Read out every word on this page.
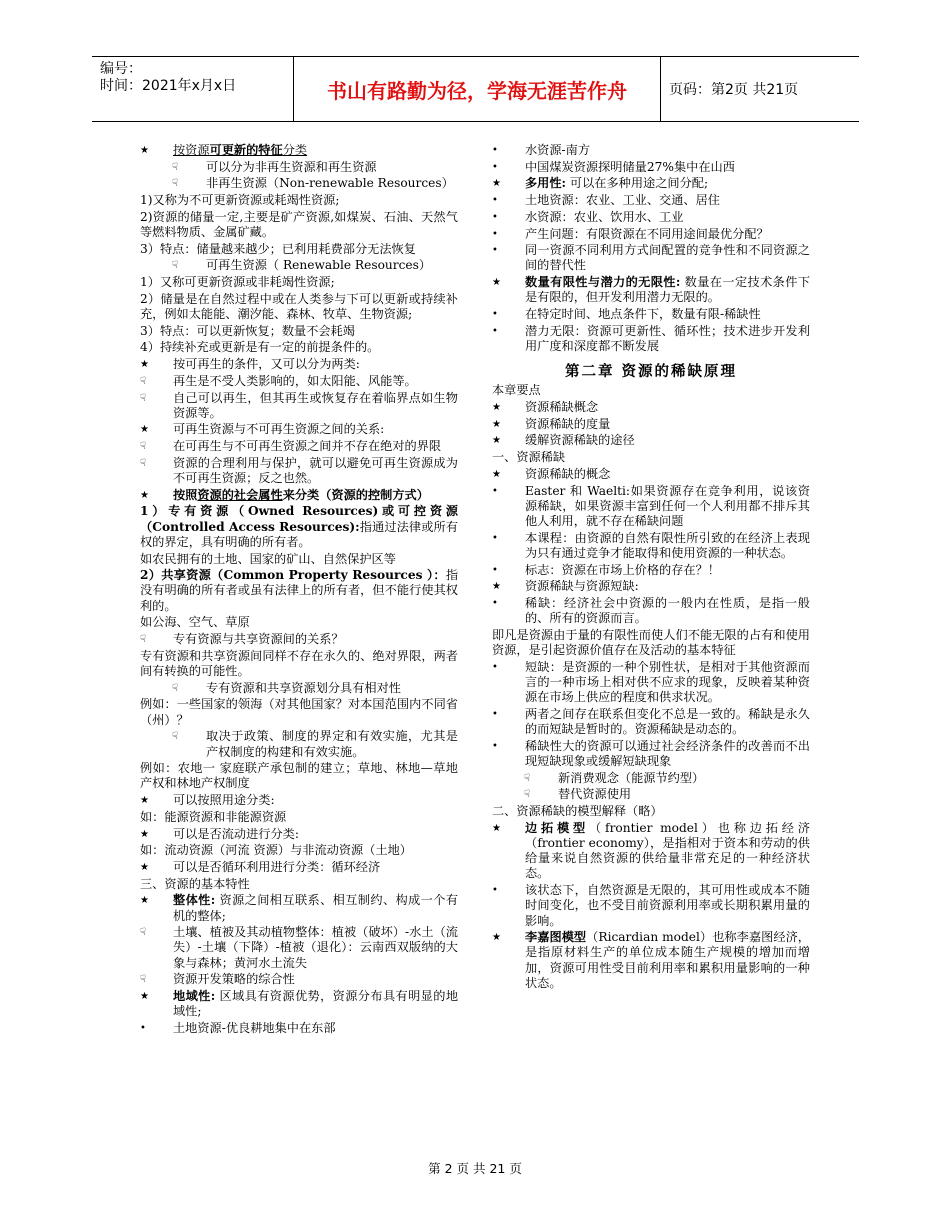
编号：
时间：2021年x月x日	书山有路勤为径，学海无涯苦作舟	页码：第2页 共21页

★ 按资源可更新的特征分类

☟ 可以分为非再生资源和再生资源

☟ 非再生资源（Non-renewable Resources）

1)又称为不可更新资源或耗竭性资源;

2)资源的储量一定,主要是矿产资源,如煤炭、石油、天然气等燃料物质、金属矿藏。

3）特点：储量越来越少；已利用耗费部分无法恢复

☟ 可再生资源（ Renewable Resources）

1）又称可更新资源或非耗竭性资源;

2）储量是在自然过程中或在人类参与下可以更新或持续补充，例如太能能、潮汐能、森林、牧草、生物资源;

3）特点：可以更新恢复；数量不会耗竭

4）持续补充或更新是有一定的前提条件的。

★ 按可再生的条件，又可以分为两类:

☟ 再生是不受人类影响的，如太阳能、风能等。

☟ 自己可以再生，但其再生或恢复存在着临界点如生物资源等。

★ 可再生资源与不可再生资源之间的关系:

☟ 在可再生与不可再生资源之间并不存在绝对的界限

☟ 资源的合理利用与保护，就可以避免可再生资源成为不可再生资源；反之也然。

★ 按照资源的社会属性来分类（资源的控制方式）

1）专有资源（Owned Resources)或可控资源（Controlled Access Resources):指通过法律或所有权的界定，具有明确的所有者。

如农民拥有的土地、国家的矿山、自然保护区等

2）共享资源（Common Property Resources ）：指没有明确的所有者或虽有法律上的所有者，但不能行使其权利的。

如公海、空气、草原

☟ 专有资源与共享资源间的关系？

专有资源和共享资源间同样不存在永久的、绝对界限，两者间有转换的可能性。

☟ 专有资源和共享资源划分具有相对性

例如：一些国家的领海（对其他国家？对本国范围内不同省（州）？

☟ 取决于政策、制度的界定和有效实施，尤其是产权制度的构建和有效实施。

例如：农地一 家庭联产承包制的建立；草地、林地—草地产权和林地产权制度

★ 可以按照用途分类:

如：能源资源和非能源资源

★ 可以是否流动进行分类:

如：流动资源（河流 资源）与非流动资源（土地）

★ 可以是否循环利用进行分类：循环经济

三、资源的基本特性

★ 整体性: 资源之间相互联系、相互制约、构成一个有机的整体;

☟ 土壤、植被及其动植物整体：植被（破坏）-水土（流失）-土壤（下降）-植被（退化）：云南西双版纳的大象与森林；黄河水土流失

☟ 资源开发策略的综合性

★ 地域性: 区域具有资源优势，资源分布具有明显的地域性;

• 土地资源-优良耕地集中在东部

• 水资源-南方

• 中国煤炭资源探明储量27%集中在山西

★ 多用性: 可以在多种用途之间分配;

• 土地资源：农业、工业、交通、居住

• 水资源：农业、饮用水、工业

• 产生问题：有限资源在不同用途间最优分配？

• 同一资源不同利用方式间配置的竞争性和不同资源之间的替代性

★ 数量有限性与潜力的无限性: 数量在一定技术条件下是有限的，但开发利用潜力无限的。

• 在特定时间、地点条件下，数量有限-稀缺性

• 潜力无限：资源可更新性、循环性；技术进步开发利用广度和深度都不断发展

第二章 资源的稀缺原理

本章要点

★ 资源稀缺概念

★ 资源稀缺的度量

★ 缓解资源稀缺的途径

一、资源稀缺

★ 资源稀缺的概念

• Easter 和 Waelti:如果资源存在竞争利用，说该资源稀缺，如果资源丰富到任何一个人利用都不排斥其他人利用，就不存在稀缺问题

• 本课程：由资源的自然有限性所引致的在经济上表现为只有通过竞争才能取得和使用资源的一种状态。

• 标志：资源在市场上价格的存在？！

★ 资源稀缺与资源短缺:

• 稀缺：经济社会中资源的一般内在性质，是指一般的、所有的资源而言。

即凡是资源由于量的有限性而使人们不能无限的占有和使用资源，是引起资源价值存在及活动的基本特征

• 短缺：是资源的一种个别性状，是相对于其他资源而言的一种市场上相对供不应求的现象，反映着某种资源在市场上供应的程度和供求状况。

• 两者之间存在联系但变化不总是一致的。稀缺是永久的而短缺是暂时的。资源稀缺是动态的。

• 稀缺性大的资源可以通过社会经济条件的改善而不出现短缺现象或缓解短缺现象

☟ 新消费观念（能源节约型）

☟ 替代资源使用

二、资源稀缺的模型解释（略）

★ 边拓模型（frontier model）也称边拓经济（frontier economy），是指相对于资本和劳动的供给量来说自然资源的供给量非常充足的一种经济状态。

• 该状态下，自然资源是无限的，其可用性或成本不随时间变化，也不受目前资源利用率或长期积累用量的影响。

★ 李嘉图模型（Ricardian model）也称李嘉图经济，是指原材料生产的单位成本随生产规模的增加而增加，资源可用性受目前利用率和累积用量影响的一种状态。

第 2 页 共 21 页
